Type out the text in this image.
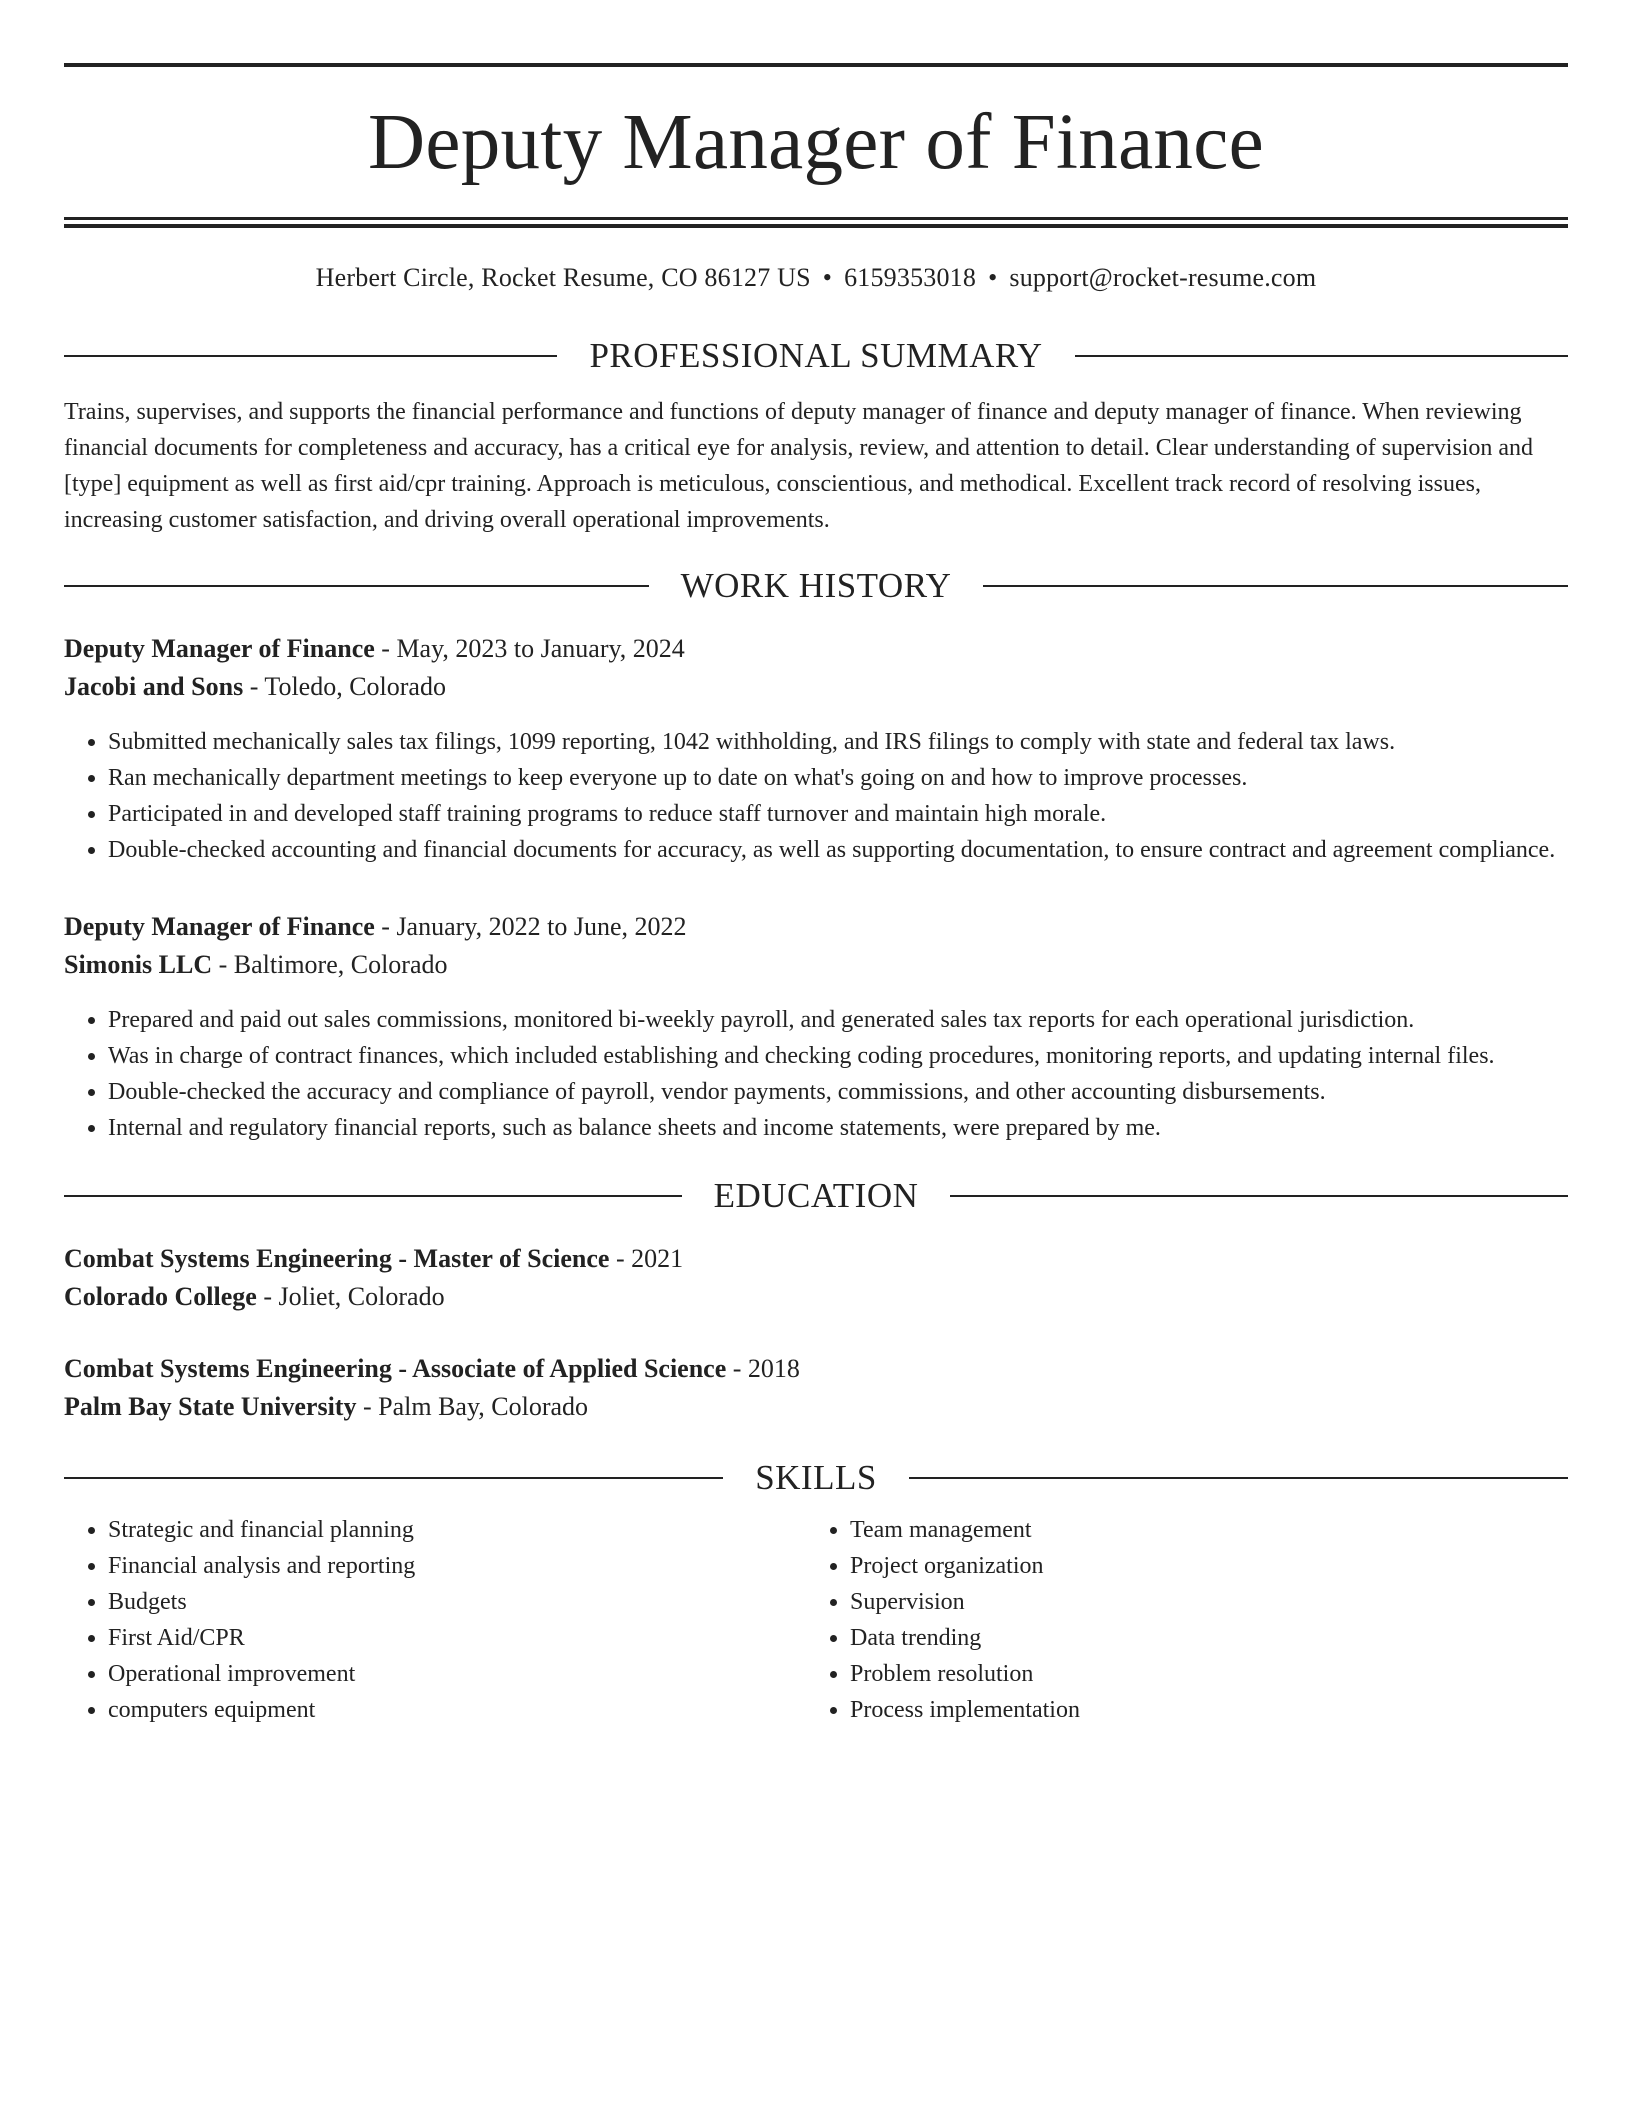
Deputy Manager of Finance
Herbert Circle, Rocket Resume, CO 86127 US • 6159353018 • support@rocket-resume.com
PROFESSIONAL SUMMARY

Trains, supervises, and supports the financial performance and functions of deputy manager of finance and deputy manager of finance. When reviewing financial documents for completeness and accuracy, has a critical eye for analysis, review, and attention to detail. Clear understanding of supervision and [type] equipment as well as first aid/cpr training. Approach is meticulous, conscientious, and methodical. Excellent track record of resolving issues, increasing customer satisfaction, and driving overall operational improvements.

WORK HISTORY
Deputy Manager of Finance - May, 2023 to January, 2024
Jacobi and Sons - Toledo, Colorado
• Submitted mechanically sales tax filings, 1099 reporting, 1042 withholding, and IRS filings to comply with state and federal tax laws.
• Ran mechanically department meetings to keep everyone up to date on what's going on and how to improve processes.
• Participated in and developed staff training programs to reduce staff turnover and maintain high morale.
• Double-checked accounting and financial documents for accuracy, as well as supporting documentation, to ensure contract and agreement compliance.
Deputy Manager of Finance - January, 2022 to June, 2022
Simonis LLC - Baltimore, Colorado
• Prepared and paid out sales commissions, monitored bi-weekly payroll, and generated sales tax reports for each operational jurisdiction.
• Was in charge of contract finances, which included establishing and checking coding procedures, monitoring reports, and updating internal files.
• Double-checked the accuracy and compliance of payroll, vendor payments, commissions, and other accounting disbursements.
• Internal and regulatory financial reports, such as balance sheets and income statements, were prepared by me.
EDUCATION
Combat Systems Engineering - Master of Science - 2021
Colorado College - Joliet, Colorado
Combat Systems Engineering - Associate of Applied Science - 2018
Palm Bay State University - Palm Bay, Colorado
SKILLS
• Strategic and financial planning
• Financial analysis and reporting
• Budgets
• First Aid/CPR
• Operational improvement
• computers equipment
• Team management
• Project organization
• Supervision
• Data trending
• Problem resolution
• Process implementation
